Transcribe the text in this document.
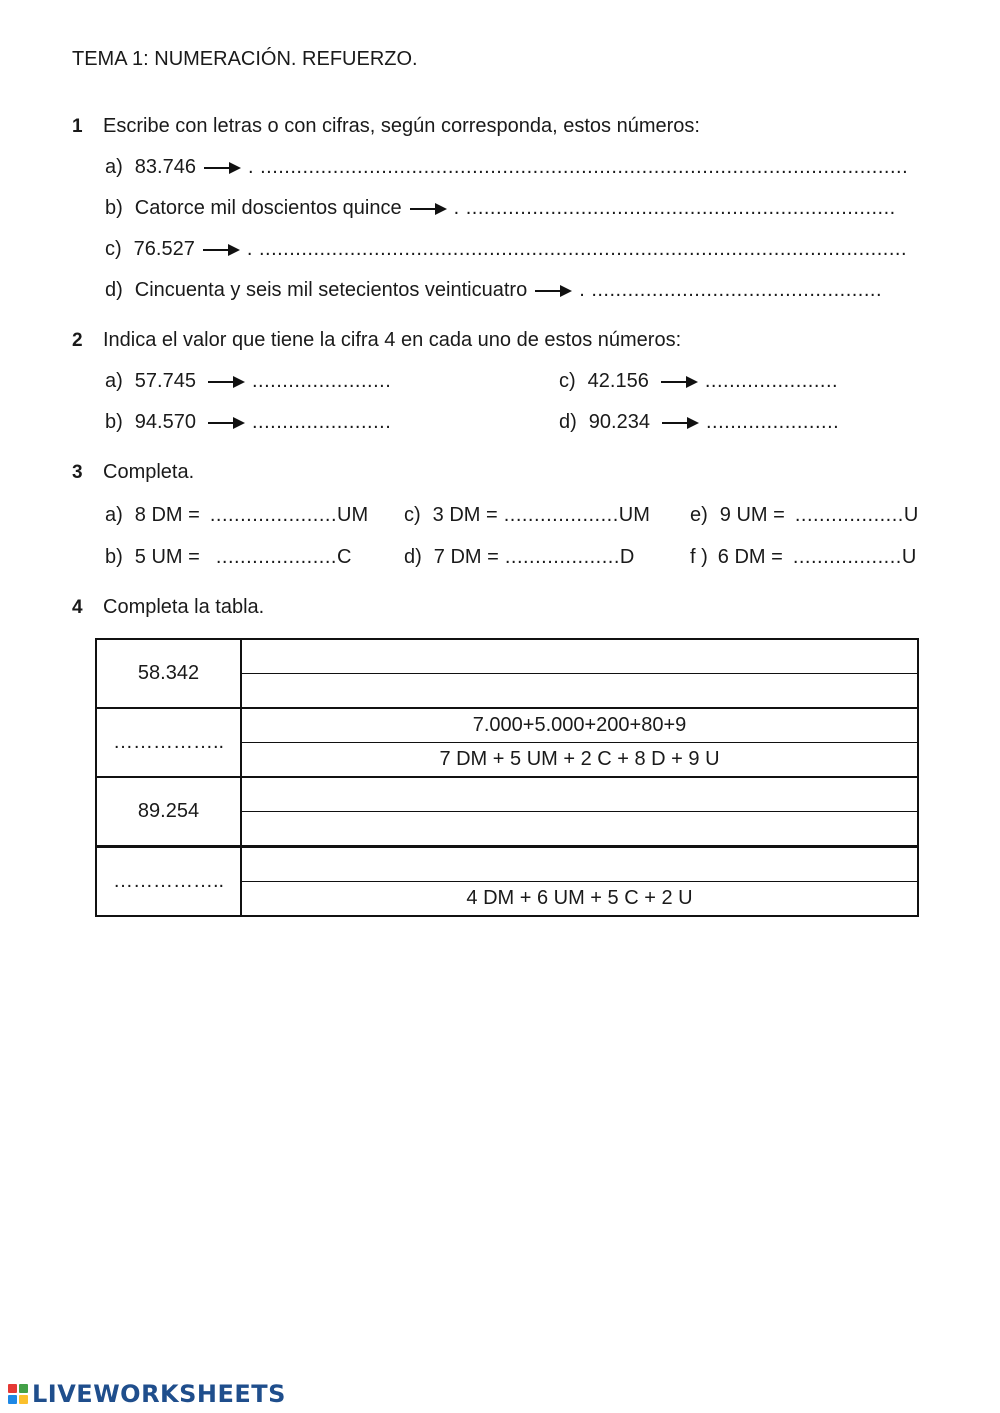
TEMA 1: NUMERACIÓN. REFUERZO.
1 Escribe con letras o con cifras, según corresponda, estos números:
a) 83.746	. ...........................................................................................................
b) Catorce mil doscientos quince	. .......................................................................
c) 76.527	. ...........................................................................................................
d) Cincuenta y seis mil setecientos veinticuatro	. ................................................
2 Indica el valor que tiene la cifra 4 en cada uno de estos números:
a) 57.745	.......................
b) 94.570	.......................
c) 42.156	......................
d) 90.234	......................
3 Completa.
a) 8 DM = ..................... UM c) 3 DM = ................... UM e) 9 UM = .................. U
b) 5 UM = .................... C	d) 7 DM = ................... D	f ) 6 DM = .................. U
4 Completa la tabla.
58.342	

……………..	7.000+5.000+200+80+9
	7 DM + 5 UM + 2 C + 8 D + 9 U
89.254	

……………..	
	4 DM + 6 UM + 5 C + 2 U
LIVEWORKSHEETS
